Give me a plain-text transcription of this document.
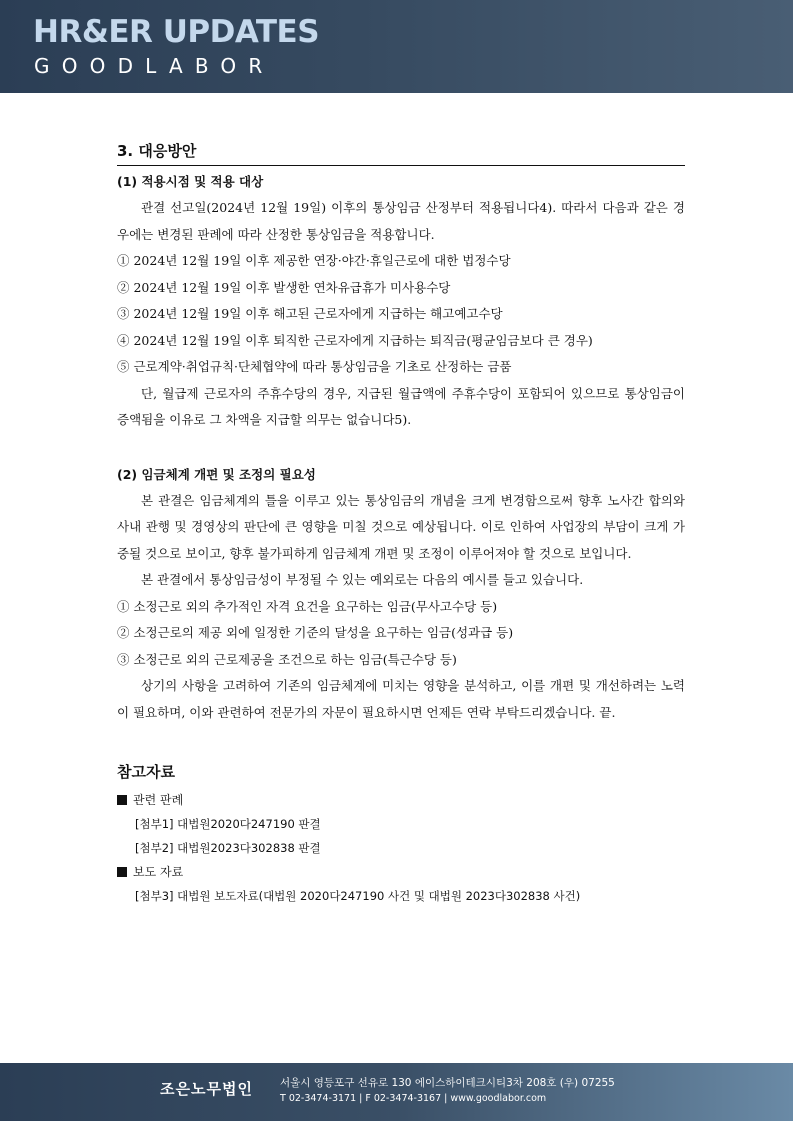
HR&ER UPDATES
GOODLABOR
3. 대응방안
(1) 적용시점 및 적용 대상

관결 선고일(2024년 12월 19일) 이후의 통상임금 산정부터 적용됩니다4). 따라서 다음과 같은 경우에는 변경된 판례에 따라 산정한 통상임금을 적용합니다.

① 2024년 12월 19일 이후 제공한 연장·야간·휴일근로에 대한 법정수당

② 2024년 12월 19일 이후 발생한 연차유급휴가 미사용수당

③ 2024년 12월 19일 이후 해고된 근로자에게 지급하는 해고예고수당

④ 2024년 12월 19일 이후 퇴직한 근로자에게 지급하는 퇴직금(평균임금보다 큰 경우)

⑤ 근로계약·취업규칙·단체협약에 따라 통상임금을 기초로 산정하는 금품

단, 월급제 근로자의 주휴수당의 경우, 지급된 월급액에 주휴수당이 포함되어 있으므로 통상임금이 증액됨을 이유로 그 차액을 지급할 의무는 없습니다5).

(2) 임금체계 개편 및 조정의 필요성

본 관결은 임금체계의 틀을 이루고 있는 통상임금의 개념을 크게 변경함으로써 향후 노사간 합의와 사내 관행 및 경영상의 판단에 큰 영향을 미칠 것으로 예상됩니다. 이로 인하여 사업장의 부담이 크게 가중될 것으로 보이고, 향후 불가피하게 임금체계 개편 및 조정이 이루어져야 할 것으로 보입니다.

본 관결에서 통상임금성이 부정될 수 있는 예외로는 다음의 예시를 들고 있습니다.

① 소정근로 외의 추가적인 자격 요건을 요구하는 임금(무사고수당 등)

② 소정근로의 제공 외에 일정한 기준의 달성을 요구하는 임금(성과급 등)

③ 소정근로 외의 근로제공을 조건으로 하는 임금(특근수당 등)

상기의 사항을 고려하여 기존의 임금체계에 미치는 영향을 분석하고, 이를 개편 및 개선하려는 노력이 필요하며, 이와 관련하여 전문가의 자문이 필요하시면 언제든 연락 부탁드리겠습니다. 끝.

참고자료
관련 판례
[첨부1] 대법원2020다247190 판결
[첨부2] 대법원2023다302838 판결
보도 자료
[첨부3] 대법원 보도자료(대법원 2020다247190 사건 및 대법원 2023다302838 사건)
조은노무법인	서울시 영등포구 선유로 130 에이스하이테크시티3차 208호 (우) 07255
T 02-3474-3171 | F 02-3474-3167 | www.goodlabor.com
